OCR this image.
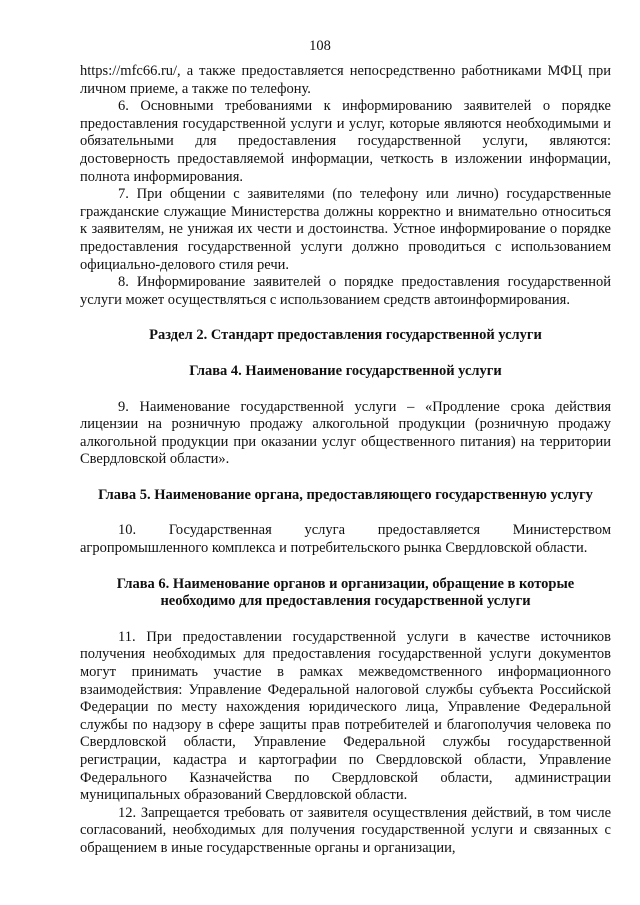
108

https://mfc66.ru/, а также предоставляется непосредственно работниками МФЦ при личном приеме, а также по телефону.

6. Основными требованиями к информированию заявителей о порядке предоставления государственной услуги и услуг, которые являются необходимыми и обязательными для предоставления государственной услуги, являются: достоверность предоставляемой информации, четкость в изложении информации, полнота информирования.

7. При общении с заявителями (по телефону или лично) государственные гражданские служащие Министерства должны корректно и внимательно относиться к заявителям, не унижая их чести и достоинства. Устное информирование о порядке предоставления государственной услуги должно проводиться с использованием официально-делового стиля речи.

8. Информирование заявителей о порядке предоставления государственной услуги может осуществляться с использованием средств автоинформирования.

Раздел 2. Стандарт предоставления государственной услуги

Глава 4. Наименование государственной услуги

9. Наименование государственной услуги – «Продление срока действия лицензии на розничную продажу алкогольной продукции (розничную продажу алкогольной продукции при оказании услуг общественного питания) на территории Свердловской области».

Глава 5. Наименование органа, предоставляющего государственную услугу

10. Государственная услуга предоставляется Министерством агропромышленного комплекса и потребительского рынка Свердловской области.

Глава 6. Наименование органов и организации, обращение в которые

необходимо для предоставления государственной услуги

11. При предоставлении государственной услуги в качестве источников получения необходимых для предоставления государственной услуги документов могут принимать участие в рамках межведомственного информационного взаимодействия: Управление Федеральной налоговой службы субъекта Российской Федерации по месту нахождения юридического лица, Управление Федеральной службы по надзору в сфере защиты прав потребителей и благополучия человека по Свердловской области, Управление Федеральной службы государственной регистрации, кадастра и картографии по Свердловской области, Управление Федерального Казначейства по Свердловской области, администрации муниципальных образований Свердловской области.

12. Запрещается требовать от заявителя осуществления действий, в том числе согласований, необходимых для получения государственной услуги и связанных с обращением в иные государственные органы и организации,
